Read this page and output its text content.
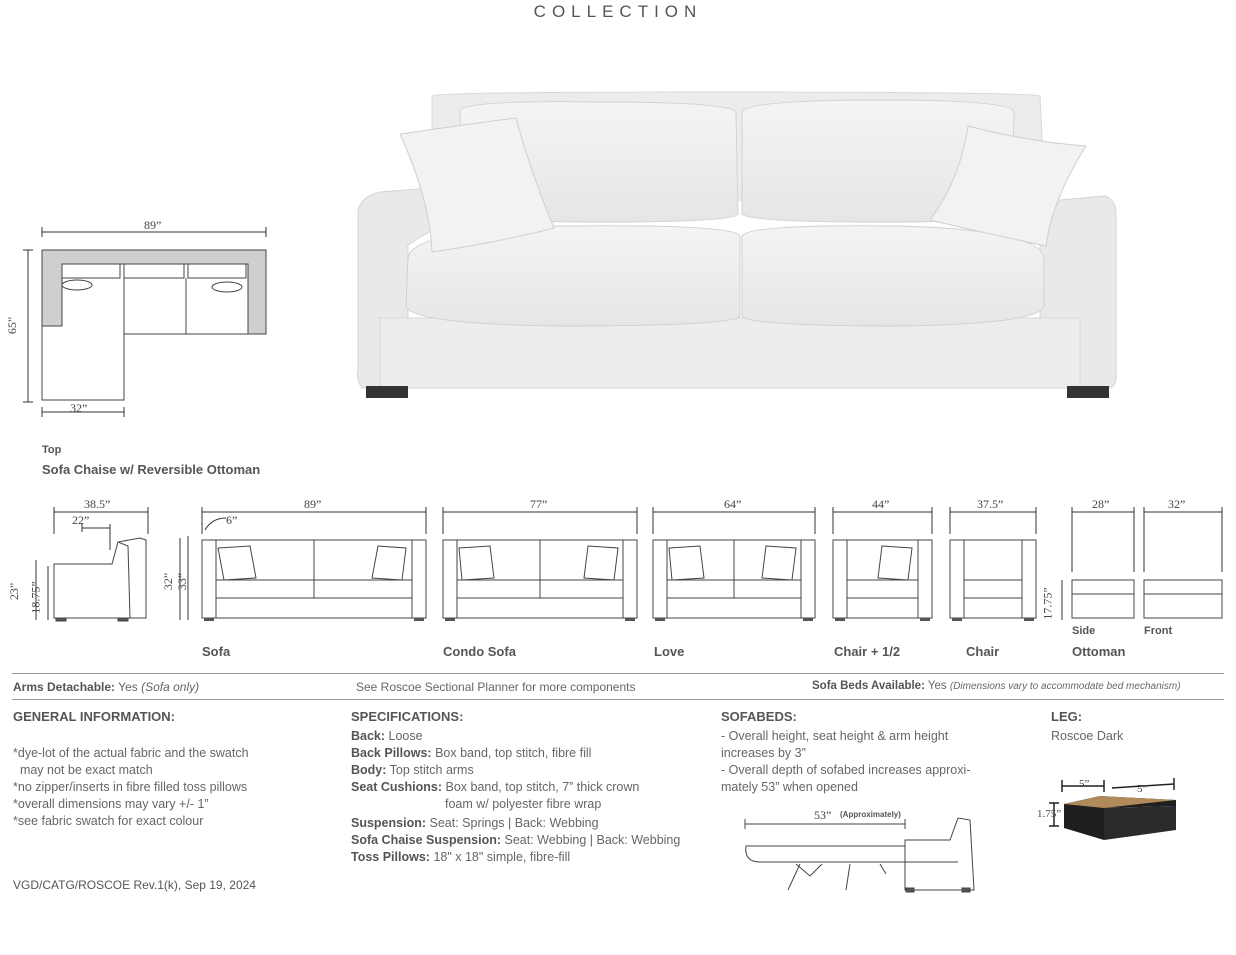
COLLECTION
89”
65”
32”
Top
Sofa Chaise w/ Reversible Ottoman
38.5”
22”
23” 18.75”	32” 33”
6”
89”	77”	64”	44”	37.5”	28”	32”
17.75”
Side	Front
Sofa	Condo Sofa	Love	Chair + 1/2	Chair	Ottoman
Arms Detachable: Yes (Sofa only)	See Roscoe Sectional Planner for more components	Sofa Beds Available: Yes (Dimensions vary to accommodate bed mechanism)
GENERAL INFORMATION:

*dye-lot of the actual fabric and the swatch
may not be exact match
*no zipper/inserts in fibre filled toss pillows
*overall dimensions may vary +/- 1”
*see fabric swatch for exact colour

SPECIFICATIONS:
Back: Loose
Back Pillows: Box band, top stitch, fibre fill
Body: Top stitch arms
Seat Cushions: Box band, top stitch, 7” thick crown
foam w/ polyester fibre wrap
Suspension: Seat: Springs | Back: Webbing
Sofa Chaise Suspension: Seat: Webbing | Back: Webbing
Toss Pillows: 18" x 18" simple, fibre-fill
SOFABEDS:
- Overall height, seat height & arm height
increases by 3”
- Overall depth of sofabed increases approxi-
mately 53” when opened
53” (Approximately)
LEG:
Roscoe Dark
5”	5”
1.75”
VGD/CATG/ROSCOE Rev.1(k), Sep 19, 2024
